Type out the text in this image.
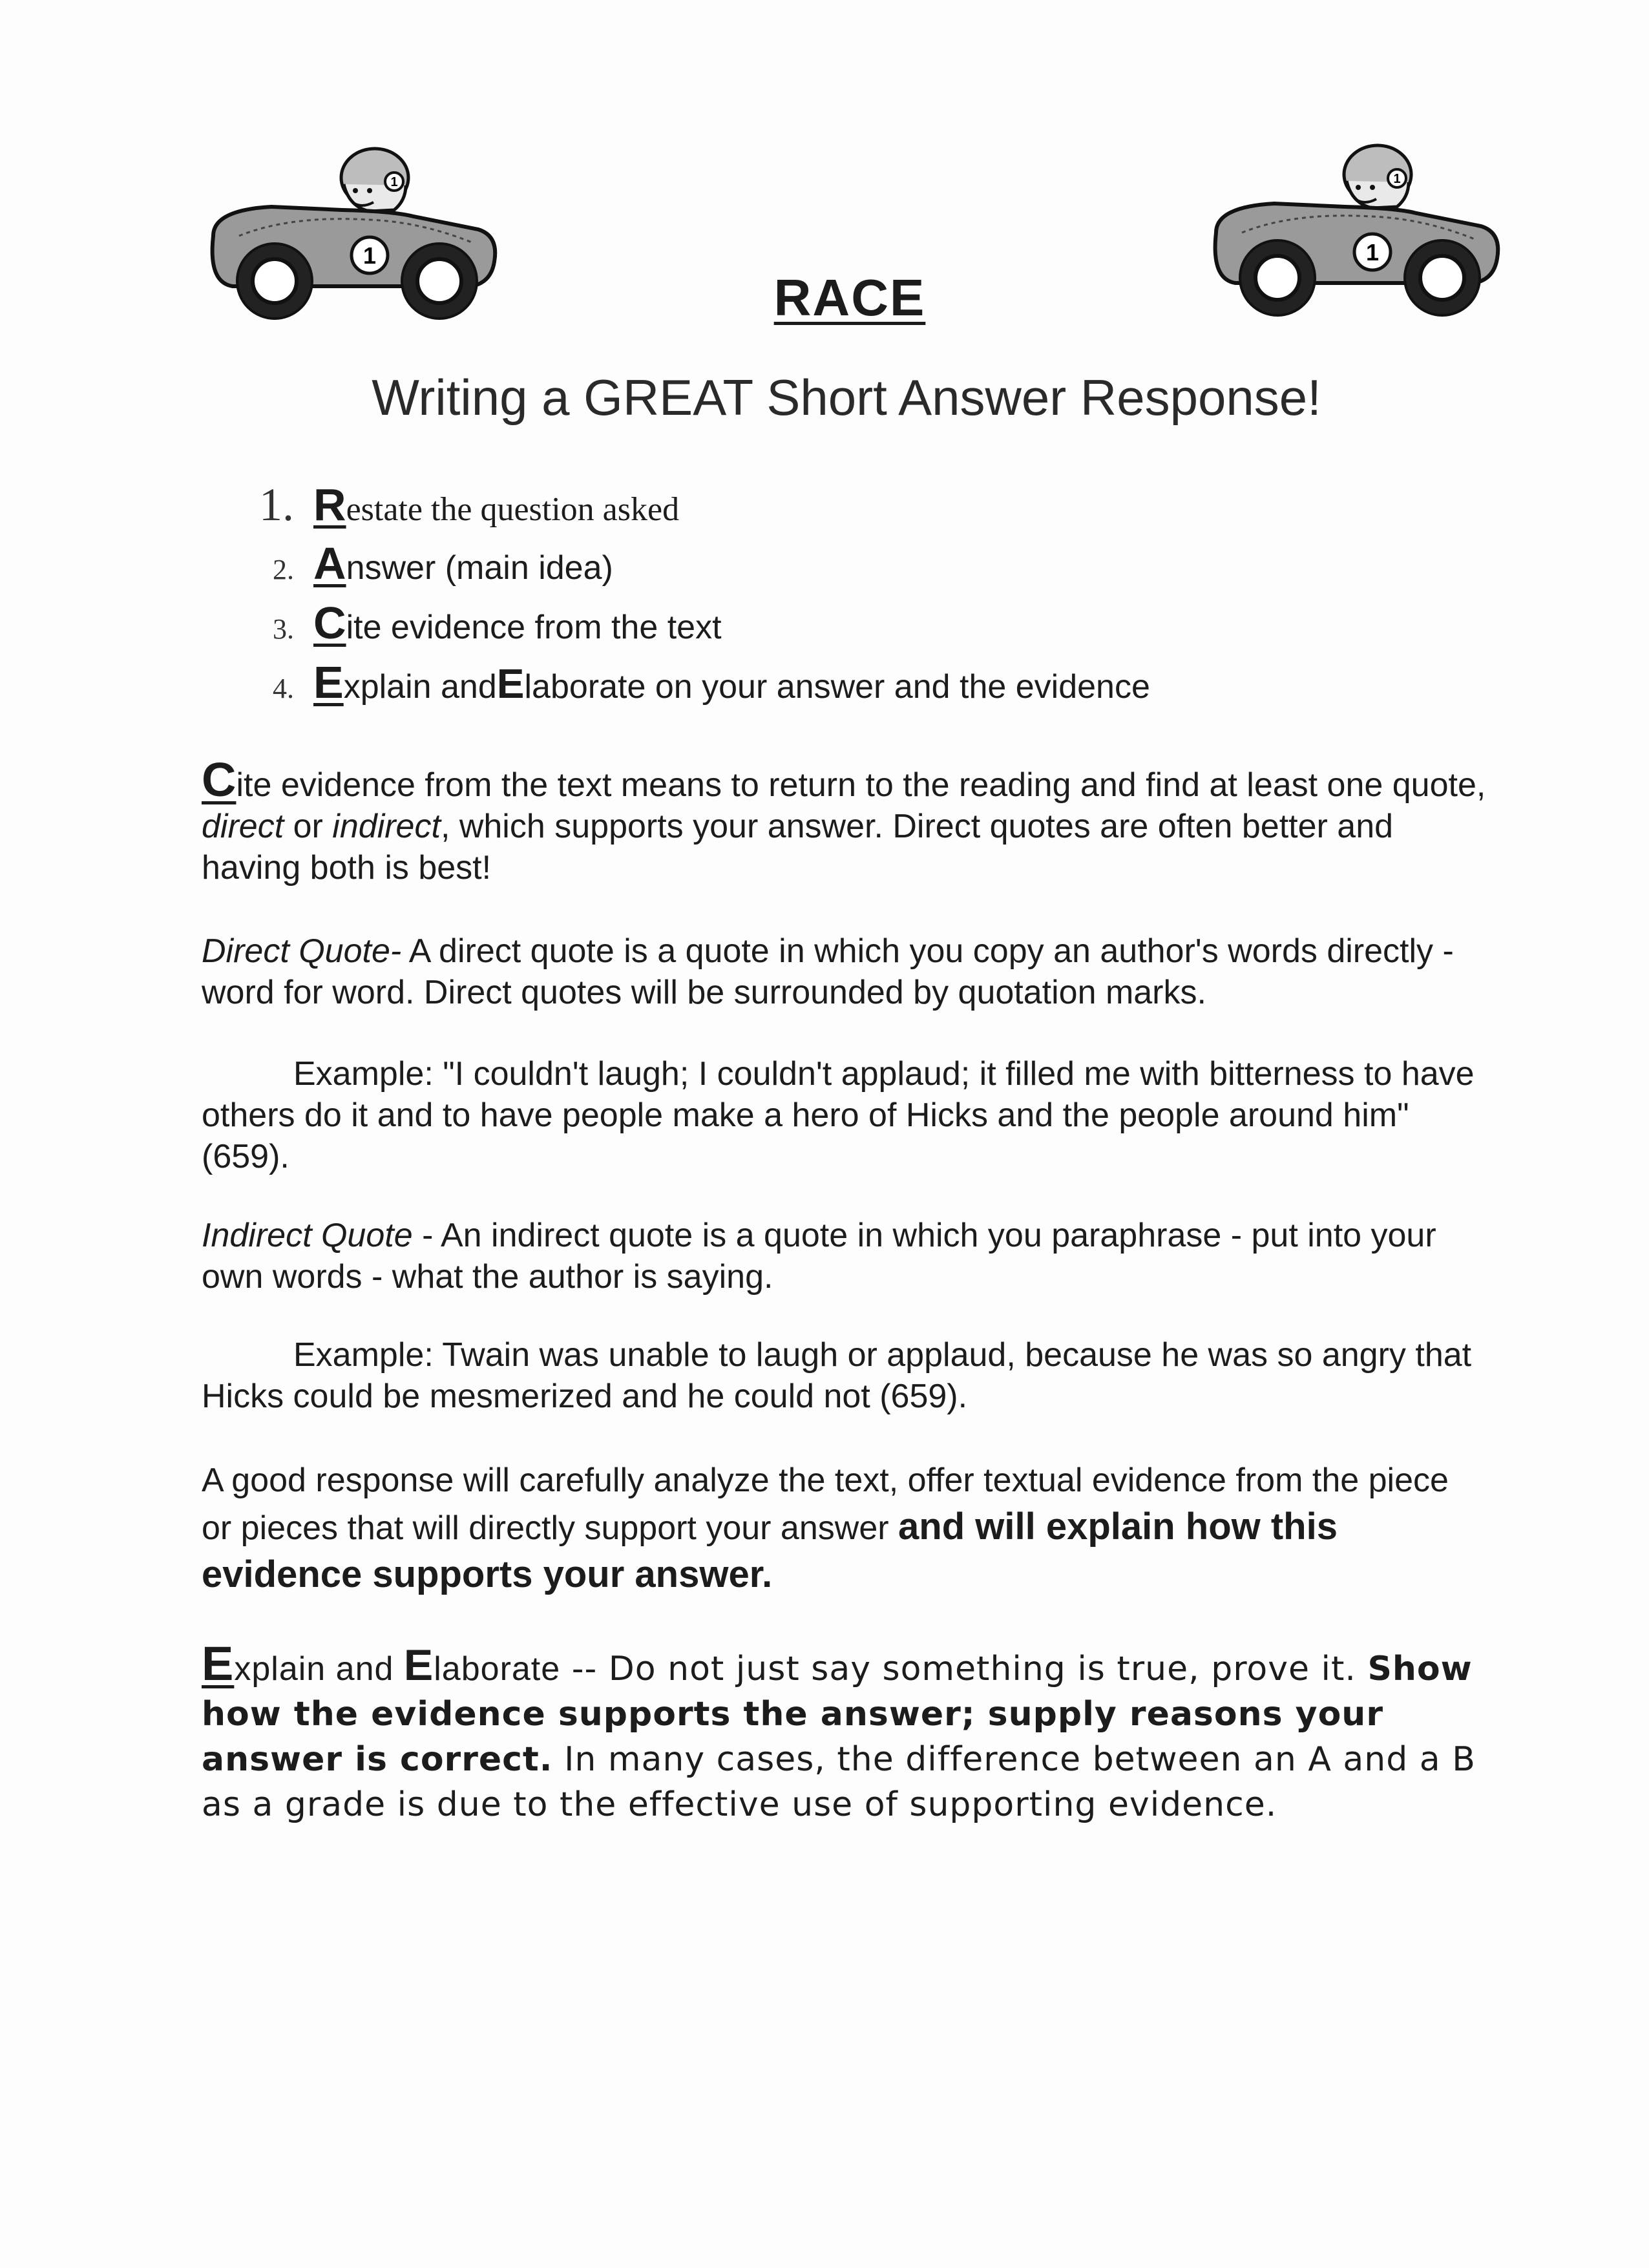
1
1
1
1
RACE
Writing a GREAT Short Answer Response!
1. R estate the question asked
2. A nswer (main idea)
3. C ite evidence from the text
4. E xplain and E laborate on your answer and the evidence

Cite evidence from the text means to return to the reading and find at least one quote, direct or indirect, which supports your answer. Direct quotes are often better and having both is best!

Direct Quote- A direct quote is a quote in which you copy an author's words directly - word for word. Direct quotes will be surrounded by quotation marks.

Example: "I couldn't laugh; I couldn't applaud; it filled me with bitterness to have others do it and to have people make a hero of Hicks and the people around him" (659).

Indirect Quote - An indirect quote is a quote in which you paraphrase - put into your own words - what the author is saying.

Example: Twain was unable to laugh or applaud, because he was so angry that Hicks could be mesmerized and he could not (659).

A good response will carefully analyze the text, offer textual evidence from the piece or pieces that will directly support your answer and will explain how this evidence supports your answer.

Explain and Elaborate -- Do not just say something is true, prove it. Show how the evidence supports the answer; supply reasons your answer is correct. In many cases, the difference between an A and a B as a grade is due to the effective use of supporting evidence.
